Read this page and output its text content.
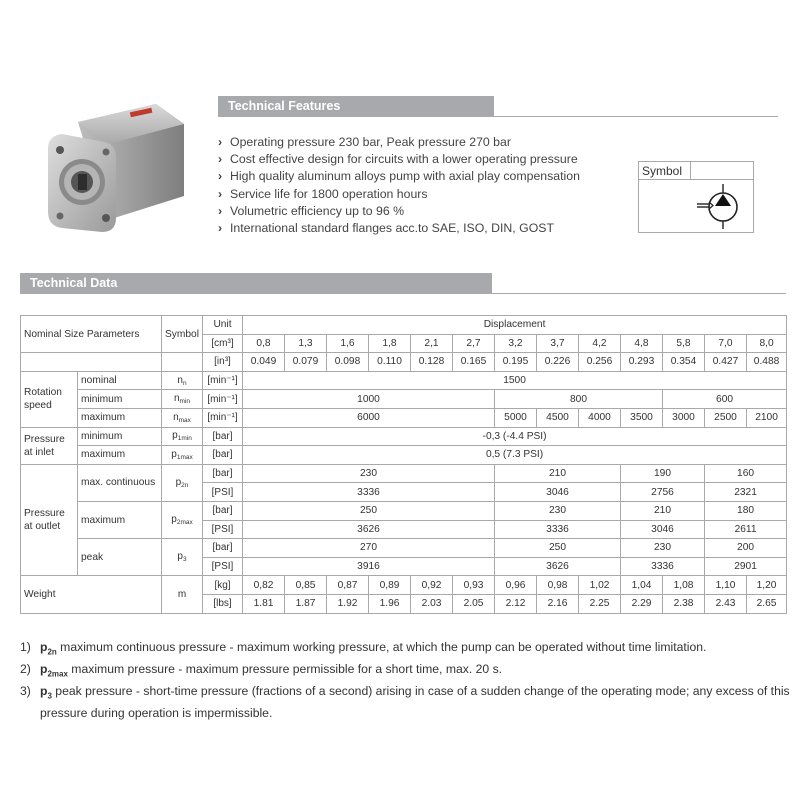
Technical Features
› Operating pressure 230 bar, Peak pressure 270 bar
› Cost effective design for circuits with a lower operating pressure
› High quality aluminum alloys pump with axial play compensation
› Service life for 1800 operation hours
› Volumetric efficiency up to 96 %
› International standard flanges acc.to SAE, ISO, DIN, GOST
Symbol
Technical Data
Nominal Size Parameters		Symbol	Unit	Displacement												
			[cm³]	0,8	1,3	1,6	1,8	2,1	2,7	3,2	3,7	4,2	4,8	5,8	7,0	8,0
			[in³]	0.049	0.079	0.098	0.110	0.128	0.165	0.195	0.226	0.256	0.293	0.354	0.427	0.488
Rotation speed	nominal	$n_n$	[min⁻¹]	1500												
	minimum	$n_{min}$	[min⁻¹]	1000						800				600		
	maximum	$n_{max}$	[min⁻¹]	6000						5000	4500	4000	3500	3000	2500	2100
Pressure at inlet	minimum	$p_{1min}$	[bar]	-0,3 (-4.4 PSI)												
	maximum	$p_{1max}$	[bar]	0,5 (7.3 PSI)												
Pressure at outlet	max. continuous	$p_{2n}$	[bar]	230						210			190		160	
			[PSI]	3336						3046			2756		2321	
	maximum	$p_{2max}$	[bar]	250						230			210		180	
			[PSI]	3626						3336			3046		2611	
	peak	$p_3$	[bar]	270						250			230		200	
			[PSI]	3916						3626			3336		2901	
Weight		m	[kg]	0,82	0,85	0,87	0,89	0,92	0,93	0,96	0,98	1,02	1,04	1,08	1,10	1,20
			[lbs]	1.81	1.87	1.92	1.96	2.03	2.05	2.12	2.16	2.25	2.29	2.38	2.43	2.65
1) $p_{2n}$ maximum continuous pressure - maximum working pressure, at which the pump can be operated without time limitation.
2) $p_{2max}$ maximum pressure - maximum pressure permissible for a short time, max. 20 s.
3) $p_3$ peak pressure - short-time pressure (fractions of a second) arising in case of a sudden change of the operating mode; any excess of this pressure during operation is impermissible.
